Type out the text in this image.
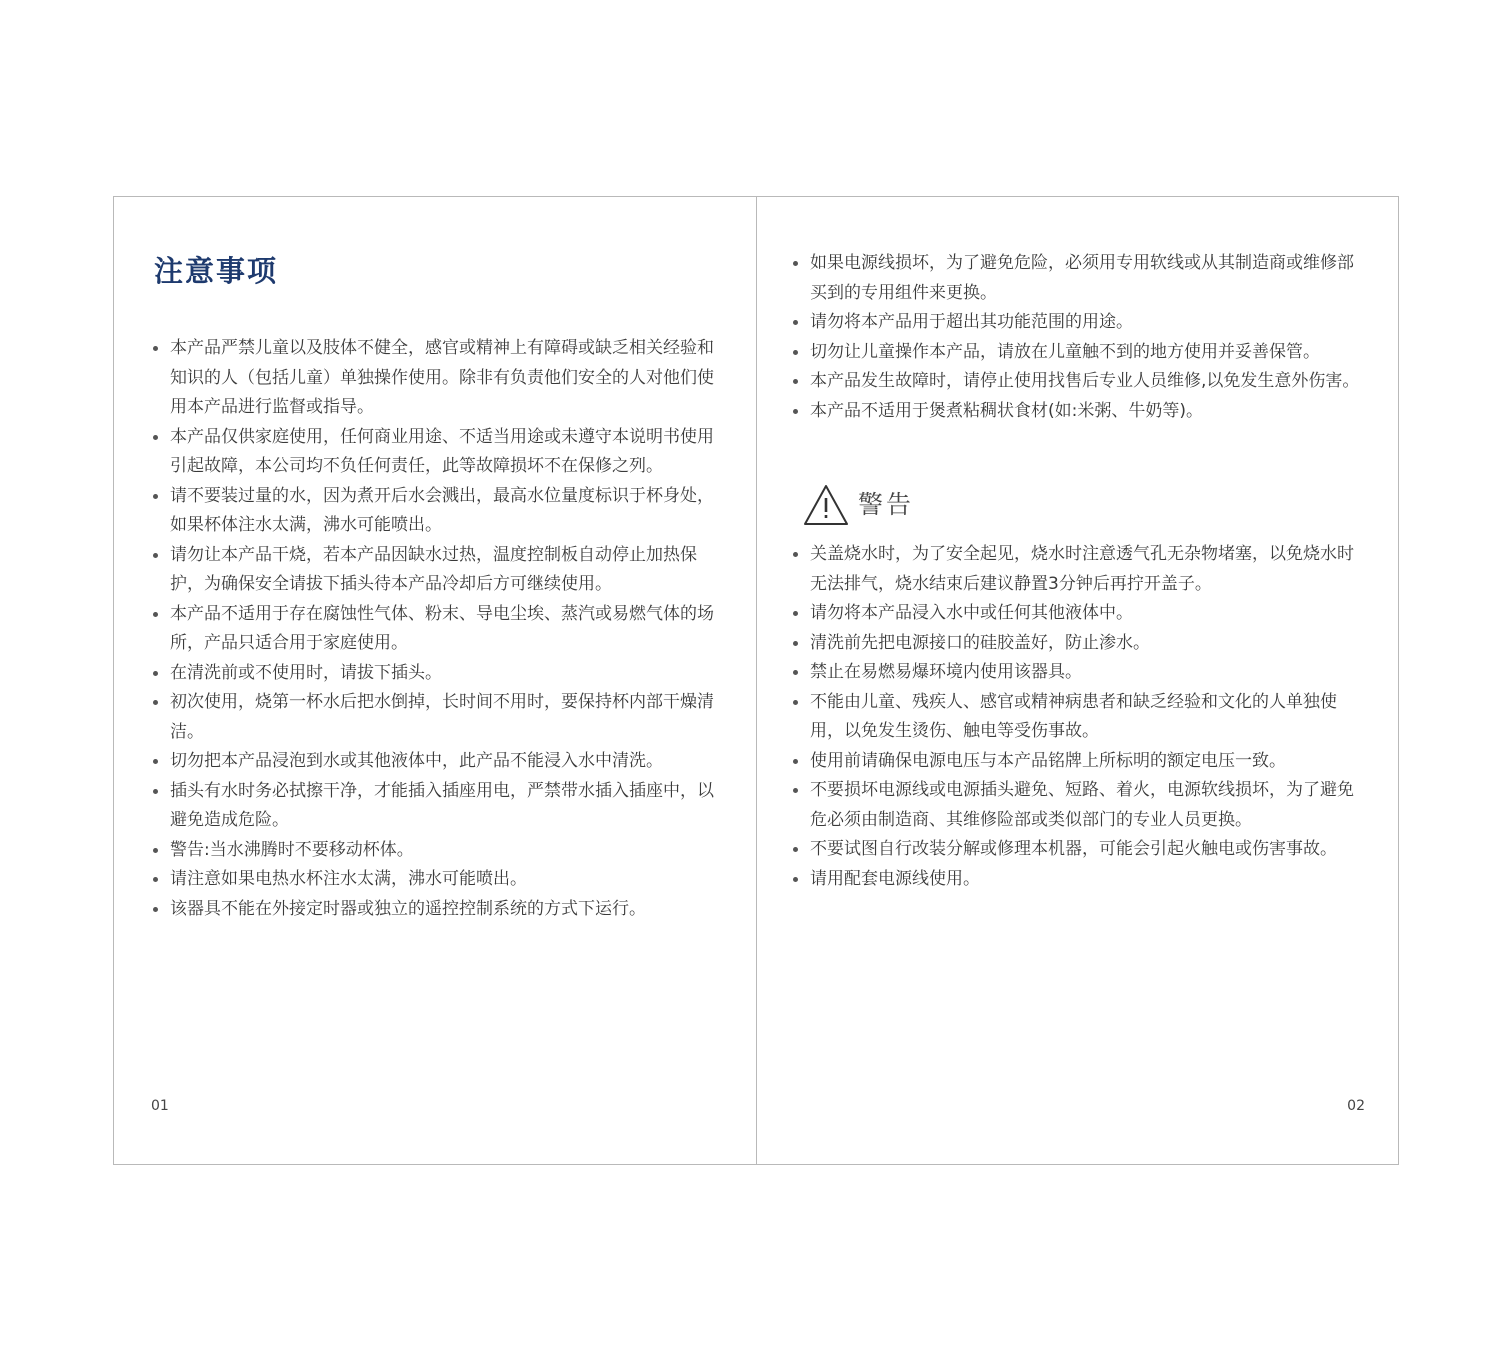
注意事项
本产品严禁儿童以及肢体不健全，感官或精神上有障碍或缺乏相关经验和知识的人（包括儿童）单独操作使用。除非有负责他们安全的人对他们使用本产品进行监督或指导。
本产品仅供家庭使用，任何商业用途、不适当用途或未遵守本说明书使用引起故障，本公司均不负任何责任，此等故障损坏不在保修之列。
请不要装过量的水，因为煮开后水会溅出，最高水位量度标识于杯身处，如果杯体注水太满，沸水可能喷出。
请勿让本产品干烧，若本产品因缺水过热，温度控制板自动停止加热保护，为确保安全请拔下插头待本产品冷却后方可继续使用。
本产品不适用于存在腐蚀性气体、粉末、导电尘埃、蒸汽或易燃气体的场所，产品只适合用于家庭使用。
在清洗前或不使用时，请拔下插头。
初次使用，烧第一杯水后把水倒掉，长时间不用时，要保持杯内部干燥清洁。
切勿把本产品浸泡到水或其他液体中，此产品不能浸入水中清洗。
插头有水时务必拭擦干净，才能插入插座用电，严禁带水插入插座中，以避免造成危险。
警告:当水沸腾时不要移动杯体。
请注意如果电热水杯注水太满，沸水可能喷出。
该器具不能在外接定时器或独立的遥控控制系统的方式下运行。
01
如果电源线损坏，为了避免危险，必须用专用软线或从其制造商或维修部买到的专用组件来更换。
请勿将本产品用于超出其功能范围的用途。
切勿让儿童操作本产品，请放在儿童触不到的地方使用并妥善保管。
本产品发生故障时，请停止使用找售后专业人员维修,以免发生意外伤害。
本产品不适用于煲煮粘稠状食材(如:米粥、牛奶等)。
警告
关盖烧水时，为了安全起见，烧水时注意透气孔无杂物堵塞，以免烧水时无法排气，烧水结束后建议静置3分钟后再拧开盖子。
请勿将本产品浸入水中或任何其他液体中。
清洗前先把电源接口的硅胶盖好，防止渗水。
禁止在易燃易爆环境内使用该器具。
不能由儿童、残疾人、感官或精神病患者和缺乏经验和文化的人单独使用，以免发生烫伤、触电等受伤事故。
使用前请确保电源电压与本产品铭牌上所标明的额定电压一致。
不要损坏电源线或电源插头避免、短路、着火，电源软线损坏，为了避免危必须由制造商、其维修险部或类似部门的专业人员更换。
不要试图自行改装分解或修理本机器，可能会引起火触电或伤害事故。
请用配套电源线使用。
02
